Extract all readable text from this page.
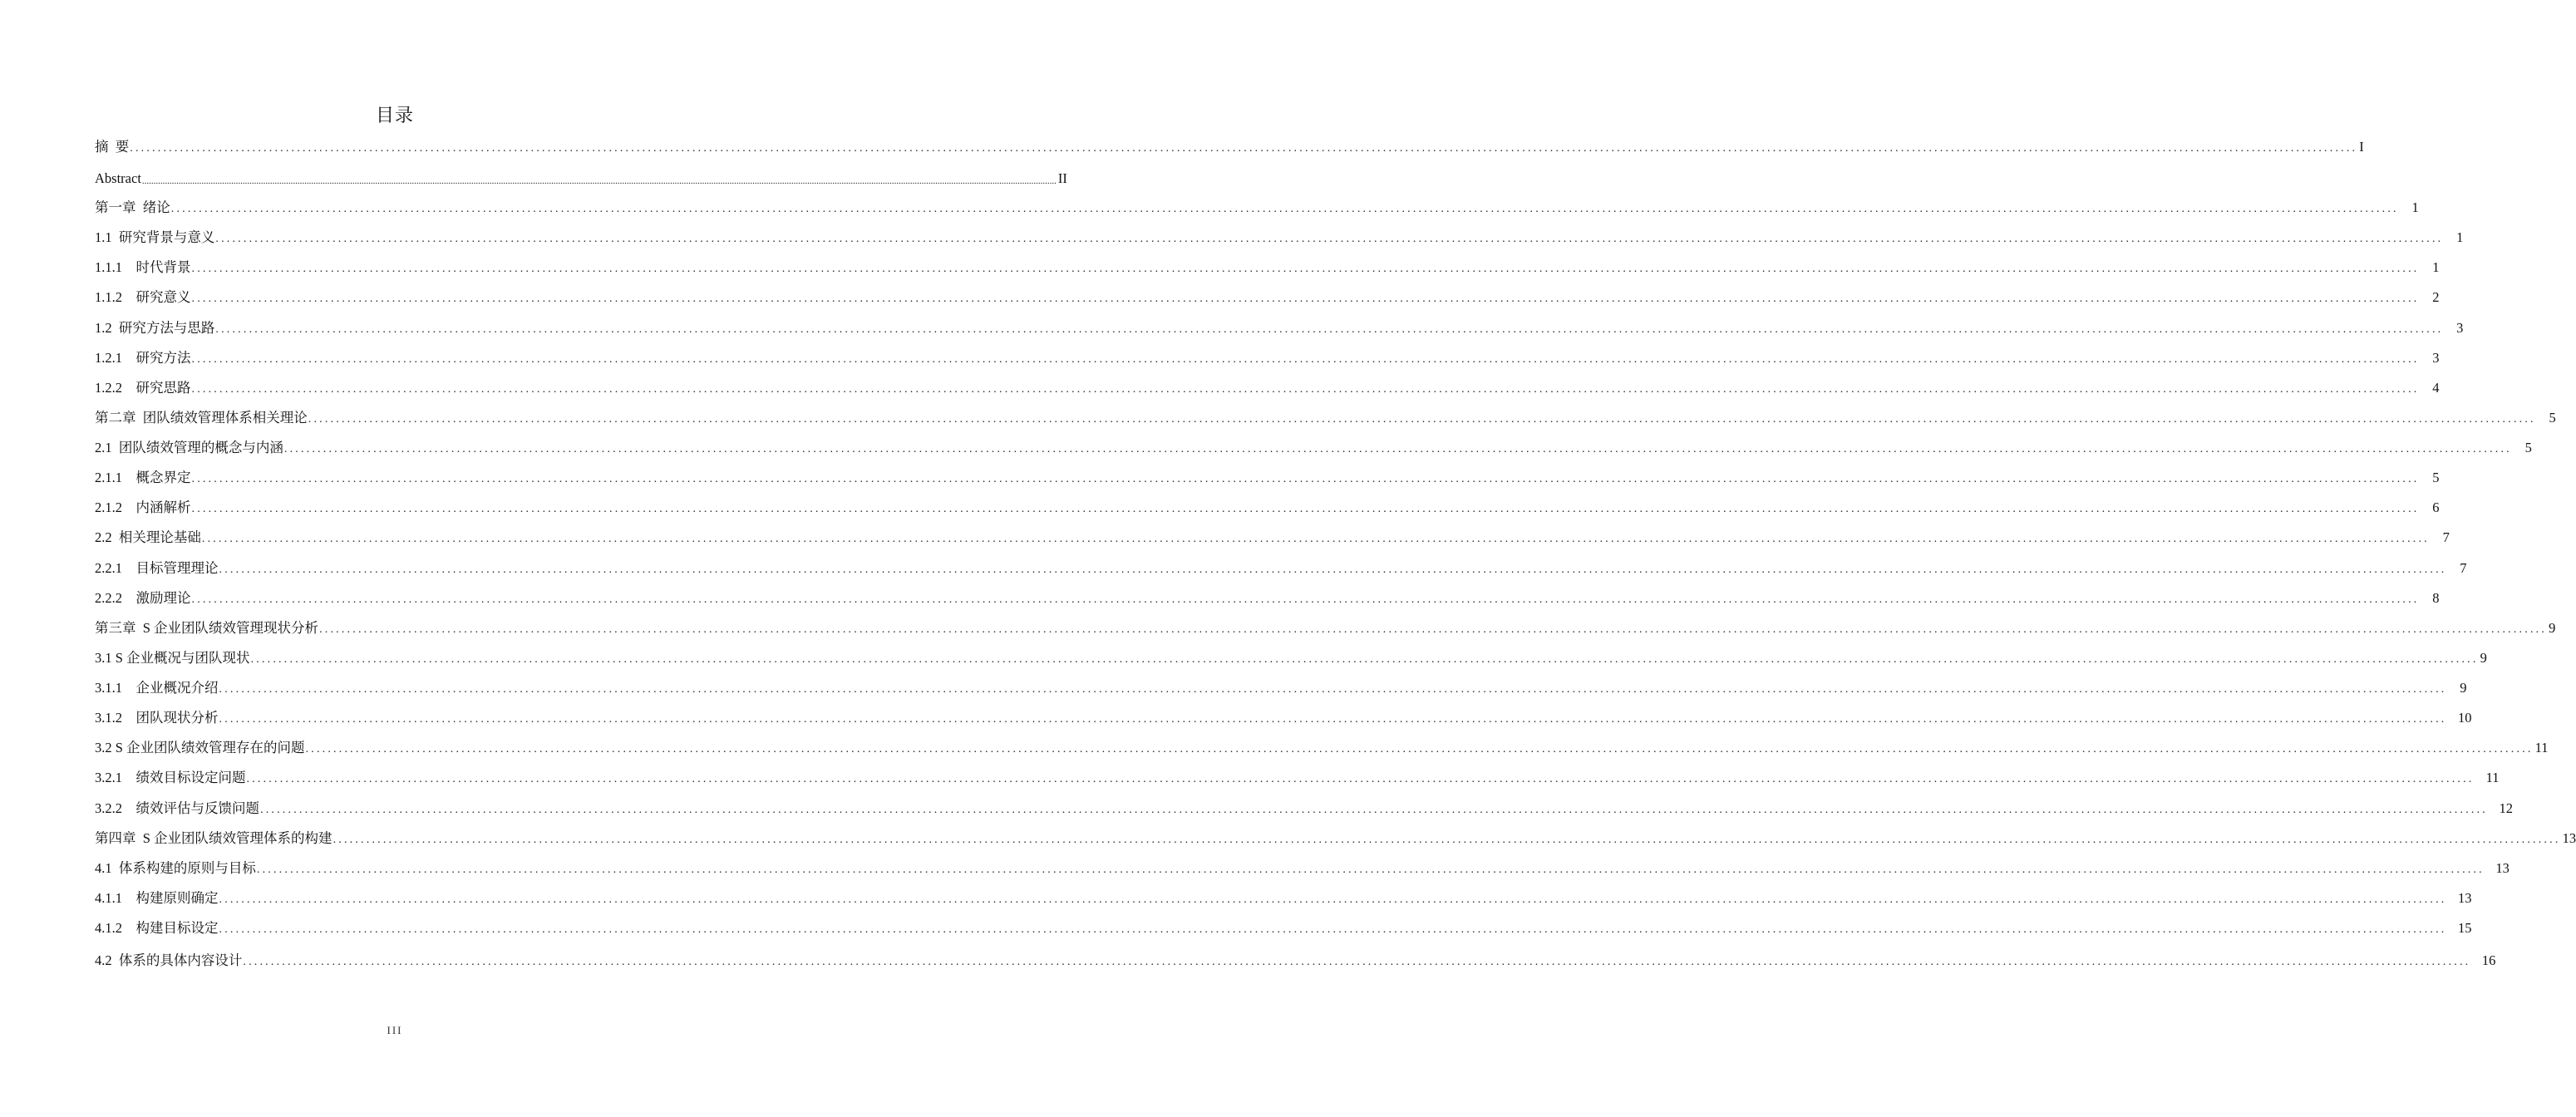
目录
摘  要 ................................................................................................................................................................................................................................................................................................................................................................................................................ I
Abstract ................................................................................................................................................................................................................................................................................................................................................................................................................ II
第一章  绪论 ................................................................................................................................................................................................................................................................................................................................................................................................................ 1
1.1  研究背景与意义 ................................................................................................................................................................................................................................................................................................................................................................................................................ 1
1.1.1    时代背景 ................................................................................................................................................................................................................................................................................................................................................................................................................ 1
1.1.2    研究意义 ................................................................................................................................................................................................................................................................................................................................................................................................................ 2
1.2  研究方法与思路 ................................................................................................................................................................................................................................................................................................................................................................................................................ 3
1.2.1    研究方法 ................................................................................................................................................................................................................................................................................................................................................................................................................ 3
1.2.2    研究思路 ................................................................................................................................................................................................................................................................................................................................................................................................................ 4
第二章  团队绩效管理体系相关理论 ................................................................................................................................................................................................................................................................................................................................................................................................................ 5
2.1  团队绩效管理的概念与内涵 ................................................................................................................................................................................................................................................................................................................................................................................................................ 5
2.1.1    概念界定 ................................................................................................................................................................................................................................................................................................................................................................................................................ 5
2.1.2    内涵解析 ................................................................................................................................................................................................................................................................................................................................................................................................................ 6
2.2  相关理论基础 ................................................................................................................................................................................................................................................................................................................................................................................................................ 7
2.2.1    目标管理理论 ................................................................................................................................................................................................................................................................................................................................................................................................................ 7
2.2.2    激励理论 ................................................................................................................................................................................................................................................................................................................................................................................................................ 8
第三章  S 企业团队绩效管理现状分析 ................................................................................................................................................................................................................................................................................................................................................................................................................ 9
3.1 S 企业概况与团队现状 ................................................................................................................................................................................................................................................................................................................................................................................................................ 9
3.1.1    企业概况介绍 ................................................................................................................................................................................................................................................................................................................................................................................................................ 9
3.1.2    团队现状分析 ................................................................................................................................................................................................................................................................................................................................................................................................................ 10
3.2 S 企业团队绩效管理存在的问题 ................................................................................................................................................................................................................................................................................................................................................................................................................ 11
3.2.1    绩效目标设定问题 ................................................................................................................................................................................................................................................................................................................................................................................................................ 11
3.2.2    绩效评估与反馈问题 ................................................................................................................................................................................................................................................................................................................................................................................................................ 12
第四章  S 企业团队绩效管理体系的构建 ................................................................................................................................................................................................................................................................................................................................................................................................................ 13
4.1  体系构建的原则与目标 ................................................................................................................................................................................................................................................................................................................................................................................................................ 13
4.1.1    构建原则确定 ................................................................................................................................................................................................................................................................................................................................................................................................................ 13
4.1.2    构建目标设定 ................................................................................................................................................................................................................................................................................................................................................................................................................ 15
4.2  体系的具体内容设计 ................................................................................................................................................................................................................................................................................................................................................................................................................ 16
III
